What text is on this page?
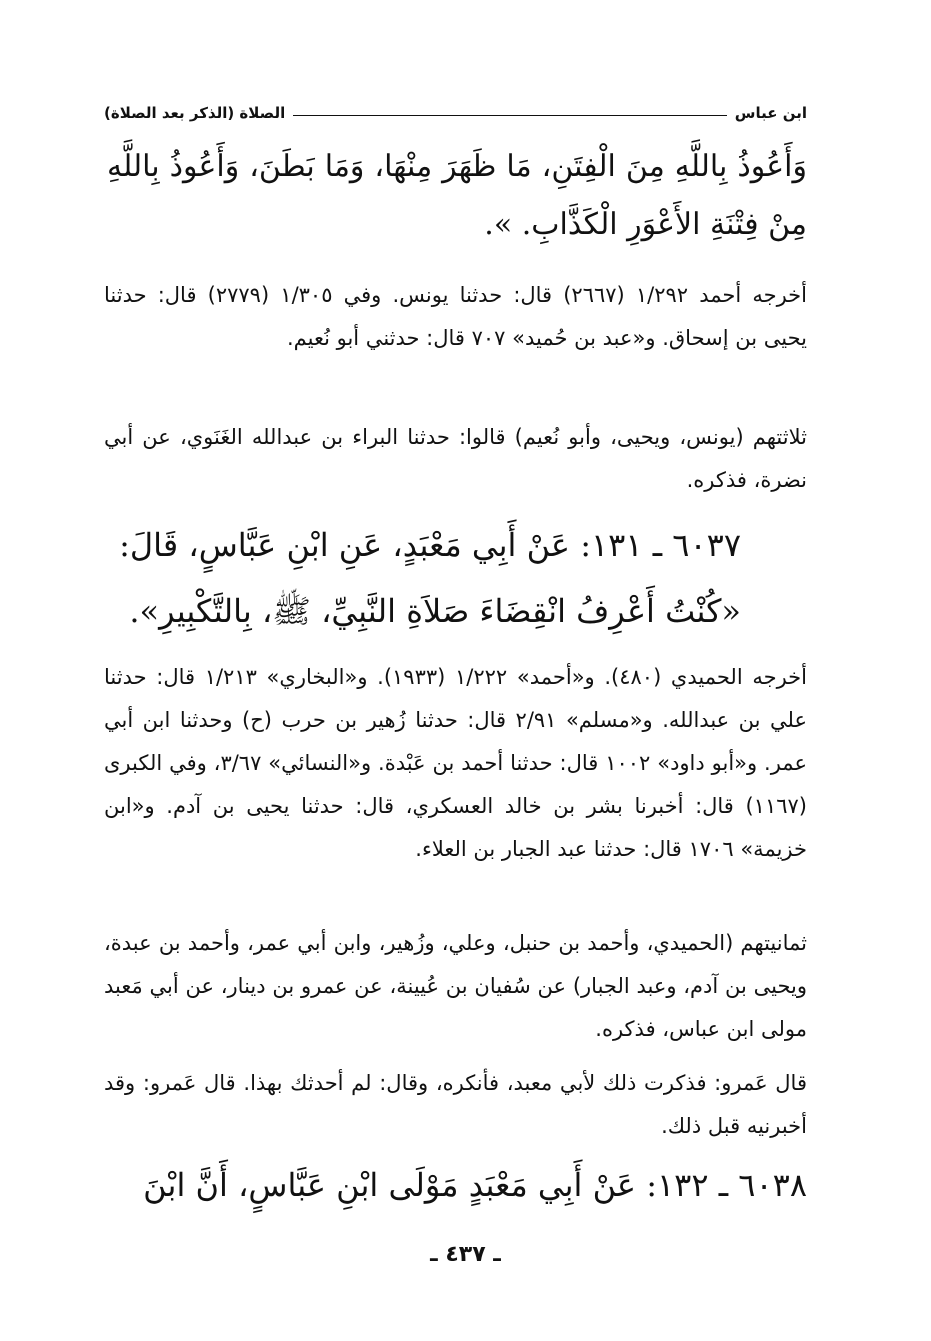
الصلاة (الذكر بعد الصلاة)	ابن عباس

وَأَعُوذُ بِاللَّهِ مِنَ الْفِتَنِ، مَا ظَهَرَ مِنْهَا، وَمَا بَطَنَ، وَأَعُوذُ بِاللَّهِ مِنْ فِتْنَةِ الأَعْوَرِ الْكَذَّابِ. ».

أخرجه أحمد ١/٢٩٢ (٢٦٦٧) قال: حدثنا يونس. وفي ١/٣٠٥ (٢٧٧٩) قال: حدثنا يحيى بن إسحاق. و«عبد بن حُميد» ٧٠٧ قال: حدثني أبو نُعيم.

ثلاثتهم (يونس، ويحيى، وأبو نُعيم) قالوا: حدثنا البراء بن عبدالله الغَنَوي، عن أبي نضرة، فذكره.

٦٠٣٧ ـ ١٣١: عَنْ أَبِي مَعْبَدٍ، عَنِ ابْنِ عَبَّاسٍ، قَالَ:

«كُنْتُ أَعْرِفُ انْقِضَاءَ صَلاَةِ النَّبِيِّ، ﷺ، بِالتَّكْبِيرِ».

أخرجه الحميدي (٤٨٠). و«أحمد» ١/٢٢٢ (١٩٣٣). و«البخاري» ١/٢١٣ قال: حدثنا علي بن عبدالله. و«مسلم» ٢/٩١ قال: حدثنا زُهير بن حرب (ح) وحدثنا ابن أبي عمر. و«أبو داود» ١٠٠٢ قال: حدثنا أحمد بن عَبْدة. و«النسائي» ٣/٦٧، وفي الكبرى (١١٦٧) قال: أخبرنا بشر بن خالد العسكري، قال: حدثنا يحيى بن آدم. و«ابن خزيمة» ١٧٠٦ قال: حدثنا عبد الجبار بن العلاء.

ثمانيتهم (الحميدي، وأحمد بن حنبل، وعلي، وزُهير، وابن أبي عمر، وأحمد بن عبدة، ويحيى بن آدم، وعبد الجبار) عن سُفيان بن عُيينة، عن عمرو بن دينار، عن أبي مَعبد مولى ابن عباس، فذكره.

قال عَمرو: فذكرت ذلك لأبي معبد، فأنكره، وقال: لم أحدثك بهذا. قال عَمرو: وقد أخبرنيه قبل ذلك.

٦٠٣٨ ـ ١٣٢: عَنْ أَبِي مَعْبَدٍ مَوْلَى ابْنِ عَبَّاسٍ، أَنَّ ابْنَ

ـ ٤٣٧ ـ
